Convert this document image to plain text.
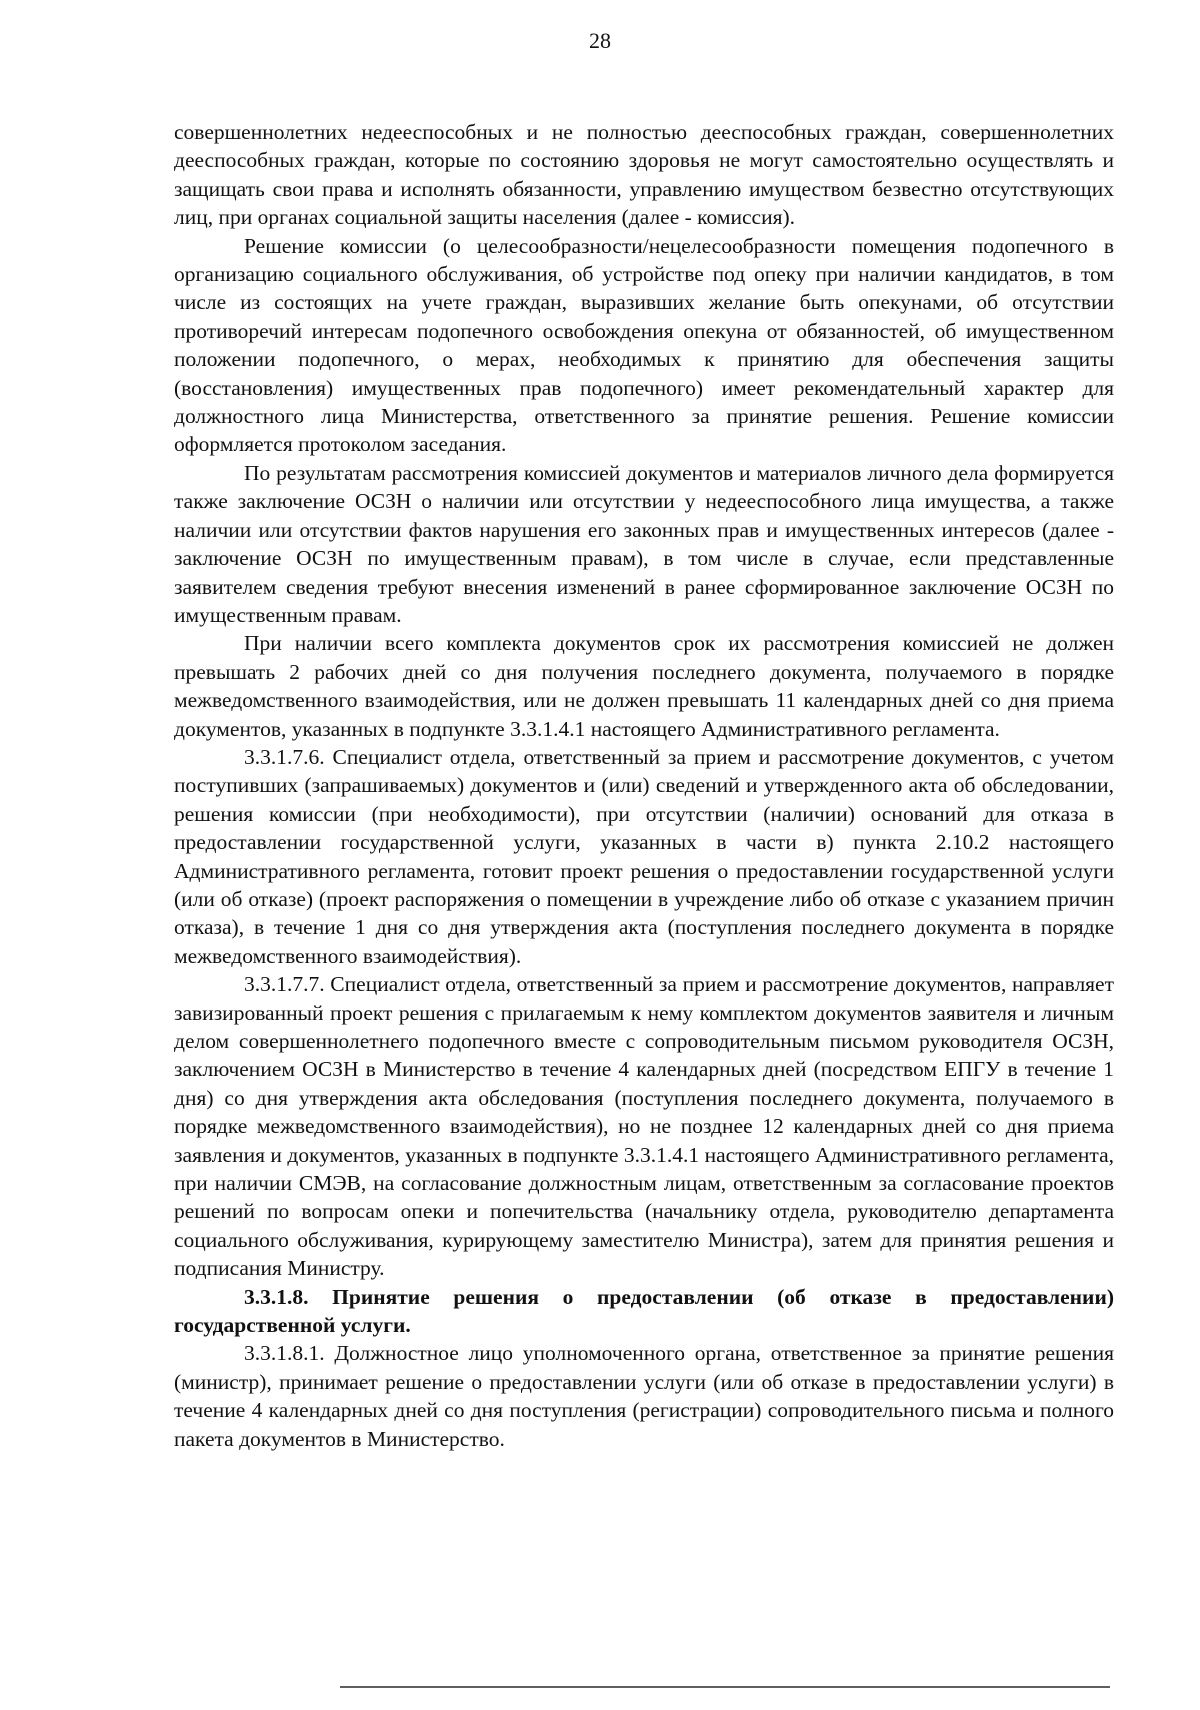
28

совершеннолетних недееспособных и не полностью дееспособных граждан, совершеннолетних дееспособных граждан, которые по состоянию здоровья не могут самостоятельно осуществлять и защищать свои права и исполнять обязанности, управлению имуществом безвестно отсутствующих лиц, при органах социальной защиты населения (далее - комиссия).

Решение комиссии (о целесообразности/нецелесообразности помещения подопечного в организацию социального обслуживания, об устройстве под опеку при наличии кандидатов, в том числе из состоящих на учете граждан, выразивших желание быть опекунами, об отсутствии противоречий интересам подопечного освобождения опекуна от обязанностей, об имущественном положении подопечного, о мерах, необходимых к принятию для обеспечения защиты (восстановления) имущественных прав подопечного) имеет рекомендательный характер для должностного лица Министерства, ответственного за принятие решения. Решение комиссии оформляется протоколом заседания.

По результатам рассмотрения комиссией документов и материалов личного дела формируется также заключение ОСЗН о наличии или отсутствии у недееспособного лица имущества, а также наличии или отсутствии фактов нарушения его законных прав и имущественных интересов (далее - заключение ОСЗН по имущественным правам), в том числе в случае, если представленные заявителем сведения требуют внесения изменений в ранее сформированное заключение ОСЗН по имущественным правам.

При наличии всего комплекта документов срок их рассмотрения комиссией не должен превышать 2 рабочих дней со дня получения последнего документа, получаемого в порядке межведомственного взаимодействия, или не должен превышать 11 календарных дней со дня приема документов, указанных в подпункте 3.3.1.4.1 настоящего Административного регламента.

3.3.1.7.6. Специалист отдела, ответственный за прием и рассмотрение документов, с учетом поступивших (запрашиваемых) документов и (или) сведений и утвержденного акта об обследовании, решения комиссии (при необходимости), при отсутствии (наличии) оснований для отказа в предоставлении государственной услуги, указанных в части в) пункта 2.10.2 настоящего Административного регламента, готовит проект решения о предоставлении государственной услуги (или об отказе) (проект распоряжения о помещении в учреждение либо об отказе с указанием причин отказа), в течение 1 дня со дня утверждения акта (поступления последнего документа в порядке межведомственного взаимодействия).

3.3.1.7.7. Специалист отдела, ответственный за прием и рассмотрение документов, направляет завизированный проект решения с прилагаемым к нему комплектом документов заявителя и личным делом совершеннолетнего подопечного вместе с сопроводительным письмом руководителя ОСЗН, заключением ОСЗН в Министерство в течение 4 календарных дней (посредством ЕПГУ в течение 1 дня) со дня утверждения акта обследования (поступления последнего документа, получаемого в порядке межведомственного взаимодействия), но не позднее 12 календарных дней со дня приема заявления и документов, указанных в подпункте 3.3.1.4.1 настоящего Административного регламента, при наличии СМЭВ, на согласование должностным лицам, ответственным за согласование проектов решений по вопросам опеки и попечительства (начальнику отдела, руководителю департамента социального обслуживания, курирующему заместителю Министра), затем для принятия решения и подписания Министру.

3.3.1.8. Принятие решения о предоставлении (об отказе в предоставлении) государственной услуги.

3.3.1.8.1. Должностное лицо уполномоченного органа, ответственное за принятие решения (министр), принимает решение о предоставлении услуги (или об отказе в предоставлении услуги) в течение 4 календарных дней со дня поступления (регистрации) сопроводительного письма и полного пакета документов в Министерство.
